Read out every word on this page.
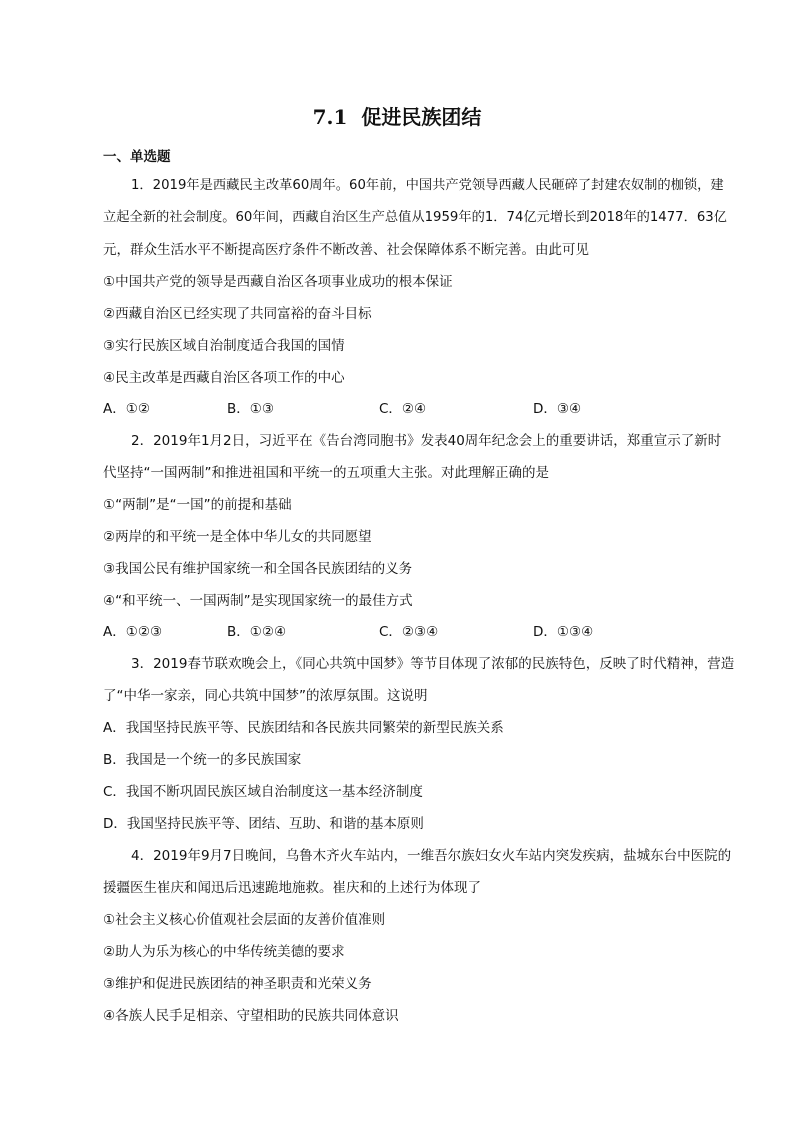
7.1 促进民族团结
一、单选题
1．2019年是西藏民主改革60周年。60年前，中国共产党领导西藏人民砸碎了封建农奴制的枷锁，建
立起全新的社会制度。60年间，西藏自治区生产总值从1959年的1．74亿元增长到2018年的1477．63亿
元，群众生活水平不断提高医疗条件不断改善、社会保障体系不断完善。由此可见
①中国共产党的领导是西藏自治区各项事业成功的根本保证
②西藏自治区已经实现了共同富裕的奋斗目标
③实行民族区域自治制度适合我国的国情
④民主改革是西藏自治区各项工作的中心
A．①②	B．①③	C．②④	D．③④
2．2019年1月2日，习近平在《告台湾同胞书》发表40周年纪念会上的重要讲话，郑重宣示了新时
代坚持“一国两制”和推进祖国和平统一的五项重大主张。对此理解正确的是
①“两制”是“一国”的前提和基础
②两岸的和平统一是全体中华儿女的共同愿望
③我国公民有维护国家统一和全国各民族团结的义务
④“和平统一、一国两制”是实现国家统一的最佳方式
A．①②③	B．①②④	C．②③④	D．①③④
3．2019春节联欢晚会上，《同心共筑中国梦》等节目体现了浓郁的民族特色，反映了时代精神，营造
了“中华一家亲，同心共筑中国梦”的浓厚氛围。这说明
A．我国坚持民族平等、民族团结和各民族共同繁荣的新型民族关系
B．我国是一个统一的多民族国家
C．我国不断巩固民族区域自治制度这一基本经济制度
D．我国坚持民族平等、团结、互助、和谐的基本原则
4．2019年9月7日晚间，乌鲁木齐火车站内，一维吾尔族妇女火车站内突发疾病，盐城东台中医院的
援疆医生崔庆和闻迅后迅速跪地施救。崔庆和的上述行为体现了
①社会主义核心价值观社会层面的友善价值准则
②助人为乐为核心的中华传统美德的要求
③维护和促进民族团结的神圣职责和光荣义务
④各族人民手足相亲、守望相助的民族共同体意识
